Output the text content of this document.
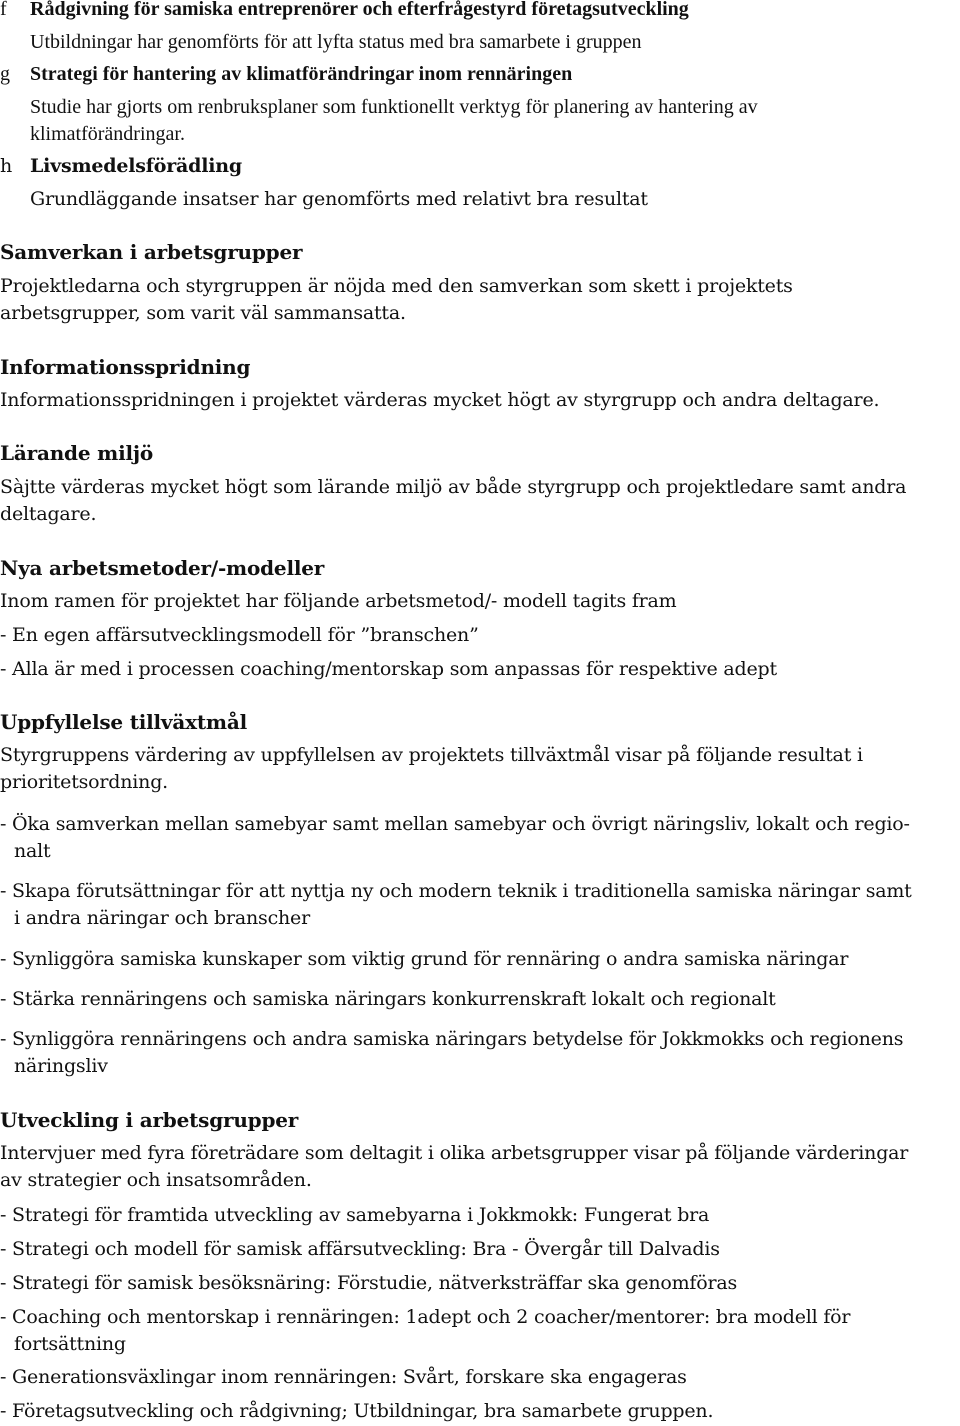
f Rådgivning för samiska entreprenörer och efterfrågestyrd företagsutveckling
Utbildningar har genomförts för att lyfta status med bra samarbete i gruppen
g Strategi för hantering av klimatförändringar inom rennäringen
Studie har gjorts om renbruksplaner som funktionellt verktyg för planering av hantering av
klimatförändringar.
h Livsmedelsförädling
Grundläggande insatser har genomförts med relativt bra resultat
Samverkan i arbetsgrupper
Projektledarna och styrgruppen är nöjda med den samverkan som skett i projektets
arbetsgrupper, som varit väl sammansatta.
Informationsspridning
Informationsspridningen i projektet värderas mycket högt av styrgrupp och andra deltagare.
Lärande miljö
Sàjtte värderas mycket högt som lärande miljö av både styrgrupp och projektledare samt andra
deltagare.
Nya arbetsmetoder/-modeller
Inom ramen för projektet har följande arbetsmetod/- modell tagits fram
- En egen affärsutvecklingsmodell för ”branschen”
- Alla är med i processen coaching/mentorskap som anpassas för respektive adept
Uppfyllelse tillväxtmål
Styrgruppens värdering av uppfyllelsen av projektets tillväxtmål visar på följande resultat i
prioritetsordning.
- Öka samverkan mellan samebyar samt mellan samebyar och övrigt näringsliv, lokalt och regio-
nalt
- Skapa förutsättningar för att nyttja ny och modern teknik i traditionella samiska näringar samt
i andra näringar och branscher
- Synliggöra samiska kunskaper som viktig grund för rennäring o andra samiska näringar
- Stärka rennäringens och samiska näringars konkurrenskraft lokalt och regionalt
- Synliggöra rennäringens och andra samiska näringars betydelse för Jokkmokks och regionens
näringsliv
Utveckling i arbetsgrupper
Intervjuer med fyra företrädare som deltagit i olika arbetsgrupper visar på följande värderingar
av strategier och insatsområden.
- Strategi för framtida utveckling av samebyarna i Jokkmokk: Fungerat bra
- Strategi och modell för samisk affärsutveckling: Bra - Övergår till Dalvadis
- Strategi för samisk besöksnäring: Förstudie, nätverksträffar ska genomföras
- Coaching och mentorskap i rennäringen: 1adept och 2 coacher/mentorer: bra modell för
fortsättning
- Generationsväxlingar inom rennäringen: Svårt, forskare ska engageras
- Företagsutveckling och rådgivning; Utbildningar, bra samarbete gruppen.
